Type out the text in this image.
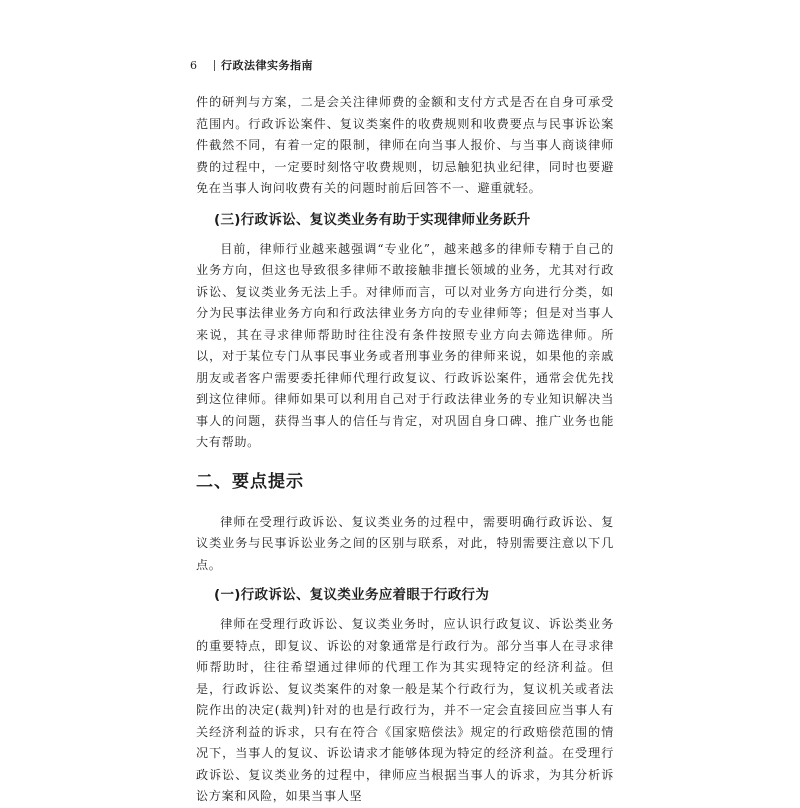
6	行政法律实务指南

件的研判与方案，二是会关注律师费的金额和支付方式是否在自身可承受范围内。行政诉讼案件、复议类案件的收费规则和收费要点与民事诉讼案件截然不同，有着一定的限制，律师在向当事人报价、与当事人商谈律师费的过程中，一定要时刻恪守收费规则，切忌触犯执业纪律，同时也要避免在当事人询问收费有关的问题时前后回答不一、避重就轻。

(三)行政诉讼、复议类业务有助于实现律师业务跃升

目前，律师行业越来越强调“专业化”，越来越多的律师专精于自己的业务方向，但这也导致很多律师不敢接触非擅长领域的业务，尤其对行政诉讼、复议类业务无法上手。对律师而言，可以对业务方向进行分类，如分为民事法律业务方向和行政法律业务方向的专业律师等；但是对当事人来说，其在寻求律师帮助时往往没有条件按照专业方向去筛选律师。所以，对于某位专门从事民事业务或者刑事业务的律师来说，如果他的亲戚朋友或者客户需要委托律师代理行政复议、行政诉讼案件，通常会优先找到这位律师。律师如果可以利用自己对于行政法律业务的专业知识解决当事人的问题，获得当事人的信任与肯定，对巩固自身口碑、推广业务也能大有帮助。

二、要点提示

律师在受理行政诉讼、复议类业务的过程中，需要明确行政诉讼、复议类业务与民事诉讼业务之间的区别与联系，对此，特别需要注意以下几点。

(一)行政诉讼、复议类业务应着眼于行政行为

律师在受理行政诉讼、复议类业务时，应认识行政复议、诉讼类业务的重要特点，即复议、诉讼的对象通常是行政行为。部分当事人在寻求律师帮助时，往往希望通过律师的代理工作为其实现特定的经济利益。但是，行政诉讼、复议类案件的对象一般是某个行政行为，复议机关或者法院作出的决定(裁判)针对的也是行政行为，并不一定会直接回应当事人有关经济利益的诉求，只有在符合《国家赔偿法》规定的行政赔偿范围的情况下，当事人的复议、诉讼请求才能够体现为特定的经济利益。在受理行政诉讼、复议类业务的过程中，律师应当根据当事人的诉求，为其分析诉讼方案和风险，如果当事人坚
